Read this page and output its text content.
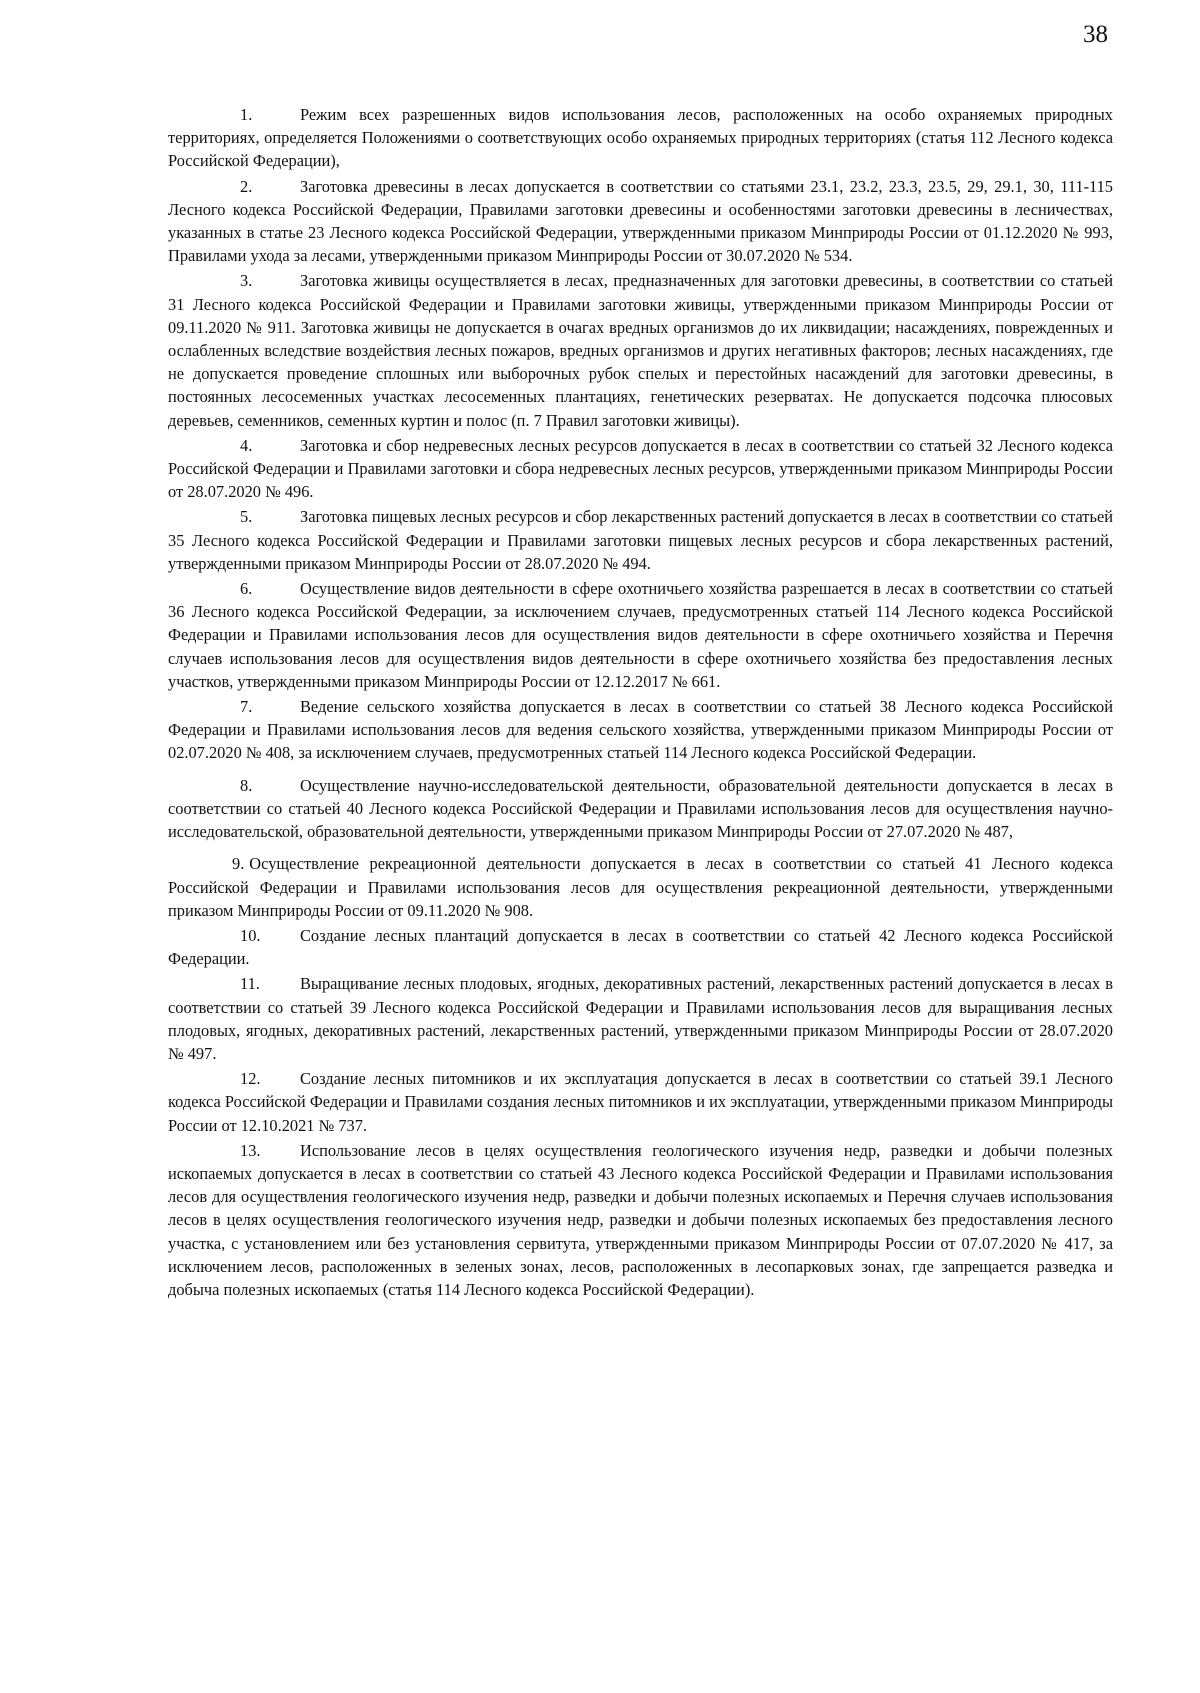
38

1.	Режим всех разрешенных видов использования лесов, расположенных на особо охраняемых природных территориях, определяется Положениями о соответствующих особо охраняемых природных территориях (статья 112 Лесного кодекса Российской Федерации),

2.	Заготовка древесины в лесах допускается в соответствии со статьями 23.1, 23.2, 23.3, 23.5, 29, 29.1, 30, 111-115 Лесного кодекса Российской Федерации, Правилами заготовки древесины и особенностями заготовки древесины в лесничествах, указанных в статье 23 Лесного кодекса Российской Федерации, утвержденными приказом Минприроды России от 01.12.2020 № 993, Правилами ухода за лесами, утвержденными приказом Минприроды России от 30.07.2020 № 534.

3.	Заготовка живицы осуществляется в лесах, предназначенных для заготовки древесины, в соответствии со статьей 31 Лесного кодекса Российской Федерации и Правилами заготовки живицы, утвержденными приказом Минприроды России от 09.11.2020 № 911. Заготовка живицы не допускается в очагах вредных организмов до их ликвидации; насаждениях, поврежденных и ослабленных вследствие воздействия лесных пожаров, вредных организмов и других негативных факторов; лесных насаждениях, где не допускается проведение сплошных или выборочных рубок спелых и перестойных насаждений для заготовки древесины, в постоянных лесосеменных участках лесосеменных плантациях, генетических резерватах. Не допускается подсочка плюсовых деревьев, семенников, семенных куртин и полос (п. 7 Правил заготовки живицы).

4.	Заготовка и сбор недревесных лесных ресурсов допускается в лесах в соответствии со статьей 32 Лесного кодекса Российской Федерации и Правилами заготовки и сбора недревесных лесных ресурсов, утвержденными приказом Минприроды России от 28.07.2020 № 496.

5.	Заготовка пищевых лесных ресурсов и сбор лекарственных растений допускается в лесах в соответствии со статьей 35 Лесного кодекса Российской Федерации и Правилами заготовки пищевых лесных ресурсов и сбора лекарственных растений, утвержденными приказом Минприроды России от 28.07.2020 № 494.

6.	Осуществление видов деятельности в сфере охотничьего хозяйства разрешается в лесах в соответствии со статьей 36 Лесного кодекса Российской Федерации, за исключением случаев, предусмотренных статьей 114 Лесного кодекса Российской Федерации и Правилами использования лесов для осуществления видов деятельности в сфере охотничьего хозяйства и Перечня случаев использования лесов для осуществления видов деятельности в сфере охотничьего хозяйства без предоставления лесных участков, утвержденными приказом Минприроды России от 12.12.2017 № 661.

7.	Ведение сельского хозяйства допускается в лесах в соответствии со статьей 38 Лесного кодекса Российской Федерации и Правилами использования лесов для ведения сельского хозяйства, утвержденными приказом Минприроды России от 02.07.2020 № 408, за исключением случаев, предусмотренных статьей 114 Лесного кодекса Российской Федерации.

8.	Осуществление научно-исследовательской деятельности, образовательной деятельности допускается в лесах в соответствии со статьей 40 Лесного кодекса Российской Федерации и Правилами использования лесов для осуществления научно-исследовательской, образовательной деятельности, утвержденными приказом Минприроды России от 27.07.2020 № 487,

9. Осуществление рекреационной деятельности допускается в лесах в соответствии со статьей 41 Лесного кодекса Российской Федерации и Правилами использования лесов для осуществления рекреационной деятельности, утвержденными приказом Минприроды России от 09.11.2020 № 908.

10. Создание лесных плантаций допускается в лесах в соответствии со статьей 42 Лесного кодекса Российской Федерации.

11. Выращивание лесных плодовых, ягодных, декоративных растений, лекарственных растений допускается в лесах в соответствии со статьей 39 Лесного кодекса Российской Федерации и Правилами использования лесов для выращивания лесных плодовых, ягодных, декоративных растений, лекарственных растений, утвержденными приказом Минприроды России от 28.07.2020 № 497.

12. Создание лесных питомников и их эксплуатация допускается в лесах в соответствии со статьей 39.1 Лесного кодекса Российской Федерации и Правилами создания лесных питомников и их эксплуатации, утвержденными приказом Минприроды России от 12.10.2021 № 737.

13. Использование лесов в целях осуществления геологического изучения недр, разведки и добычи полезных ископаемых допускается в лесах в соответствии со статьей 43 Лесного кодекса Российской Федерации и Правилами использования лесов для осуществления геологического изучения недр, разведки и добычи полезных ископаемых и Перечня случаев использования лесов в целях осуществления геологического изучения недр, разведки и добычи полезных ископаемых без предоставления лесного участка, с установлением или без установления сервитута, утвержденными приказом Минприроды России от 07.07.2020 № 417, за исключением лесов, расположенных в зеленых зонах, лесов, расположенных в лесопарковых зонах, где запрещается разведка и добыча полезных ископаемых (статья 114 Лесного кодекса Российской Федерации).
